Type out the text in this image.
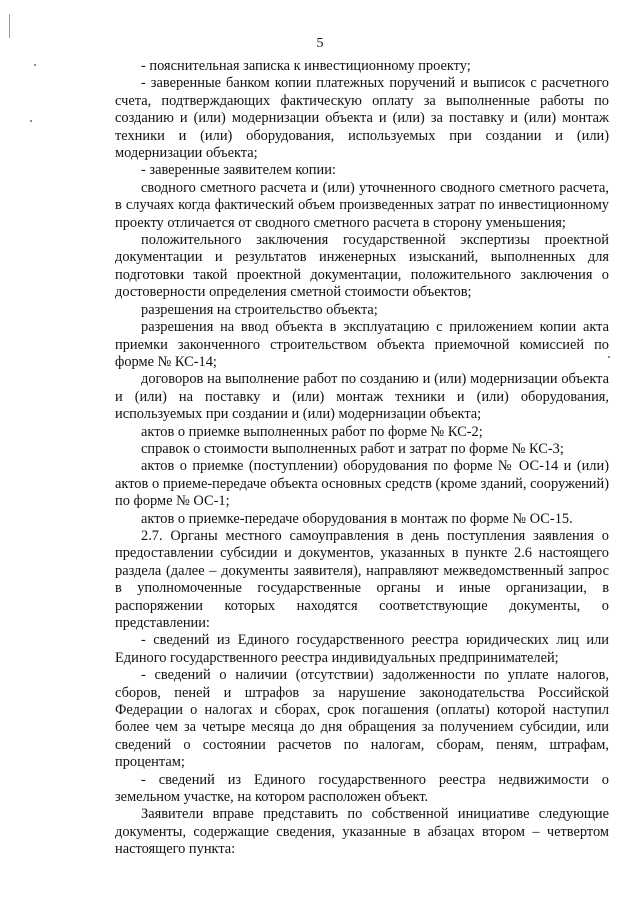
5

- пояснительная записка к инвестиционному проекту;

- заверенные банком копии платежных поручений и выписок с расчетного счета, подтверждающих фактическую оплату за выполненные работы по созданию и (или) модернизации объекта и (или) за поставку и (или) монтаж техники и (или) оборудования, используемых при создании и (или) модернизации объекта;

- заверенные заявителем копии:

сводного сметного расчета и (или) уточненного сводного сметного расчета, в случаях когда фактический объем произведенных затрат по инвестиционному проекту отличается от сводного сметного расчета в сторону уменьшения;

положительного заключения государственной экспертизы проектной документации и результатов инженерных изысканий, выполненных для подготовки такой проектной документации, положительного заключения о достоверности определения сметной стоимости объектов;

разрешения на строительство объекта;

разрешения на ввод объекта в эксплуатацию с приложением копии акта приемки законченного строительством объекта приемочной комиссией по форме № КС-14;

договоров на выполнение работ по созданию и (или) модернизации объекта и (или) на поставку и (или) монтаж техники и (или) оборудования, используемых при создании и (или) модернизации объекта;

актов о приемке выполненных работ по форме № КС-2;

справок о стоимости выполненных работ и затрат по форме № КС-3;

актов о приемке (поступлении) оборудования по форме № ОС-14 и (или) актов о приеме-передаче объекта основных средств (кроме зданий, сооружений) по форме № ОС-1;

актов о приемке-передаче оборудования в монтаж по форме № ОС-15.

2.7. Органы местного самоуправления в день поступления заявления о предоставлении субсидии и документов, указанных в пункте 2.6 настоящего раздела (далее – документы заявителя), направляют межведомственный запрос в уполномоченные государственные органы и иные организации, в распоряжении которых находятся соответствующие документы, о представлении:

- сведений из Единого государственного реестра юридических лиц или Единого государственного реестра индивидуальных предпринимателей;

- сведений о наличии (отсутствии) задолженности по уплате налогов, сборов, пеней и штрафов за нарушение законодательства Российской Федерации о налогах и сборах, срок погашения (оплаты) которой наступил более чем за четыре месяца до дня обращения за получением субсидии, или сведений о состоянии расчетов по налогам, сборам, пеням, штрафам, процентам;

- сведений из Единого государственного реестра недвижимости о земельном участке, на котором расположен объект.

Заявители вправе представить по собственной инициативе следующие документы, содержащие сведения, указанные в абзацах втором – четвертом настоящего пункта:
